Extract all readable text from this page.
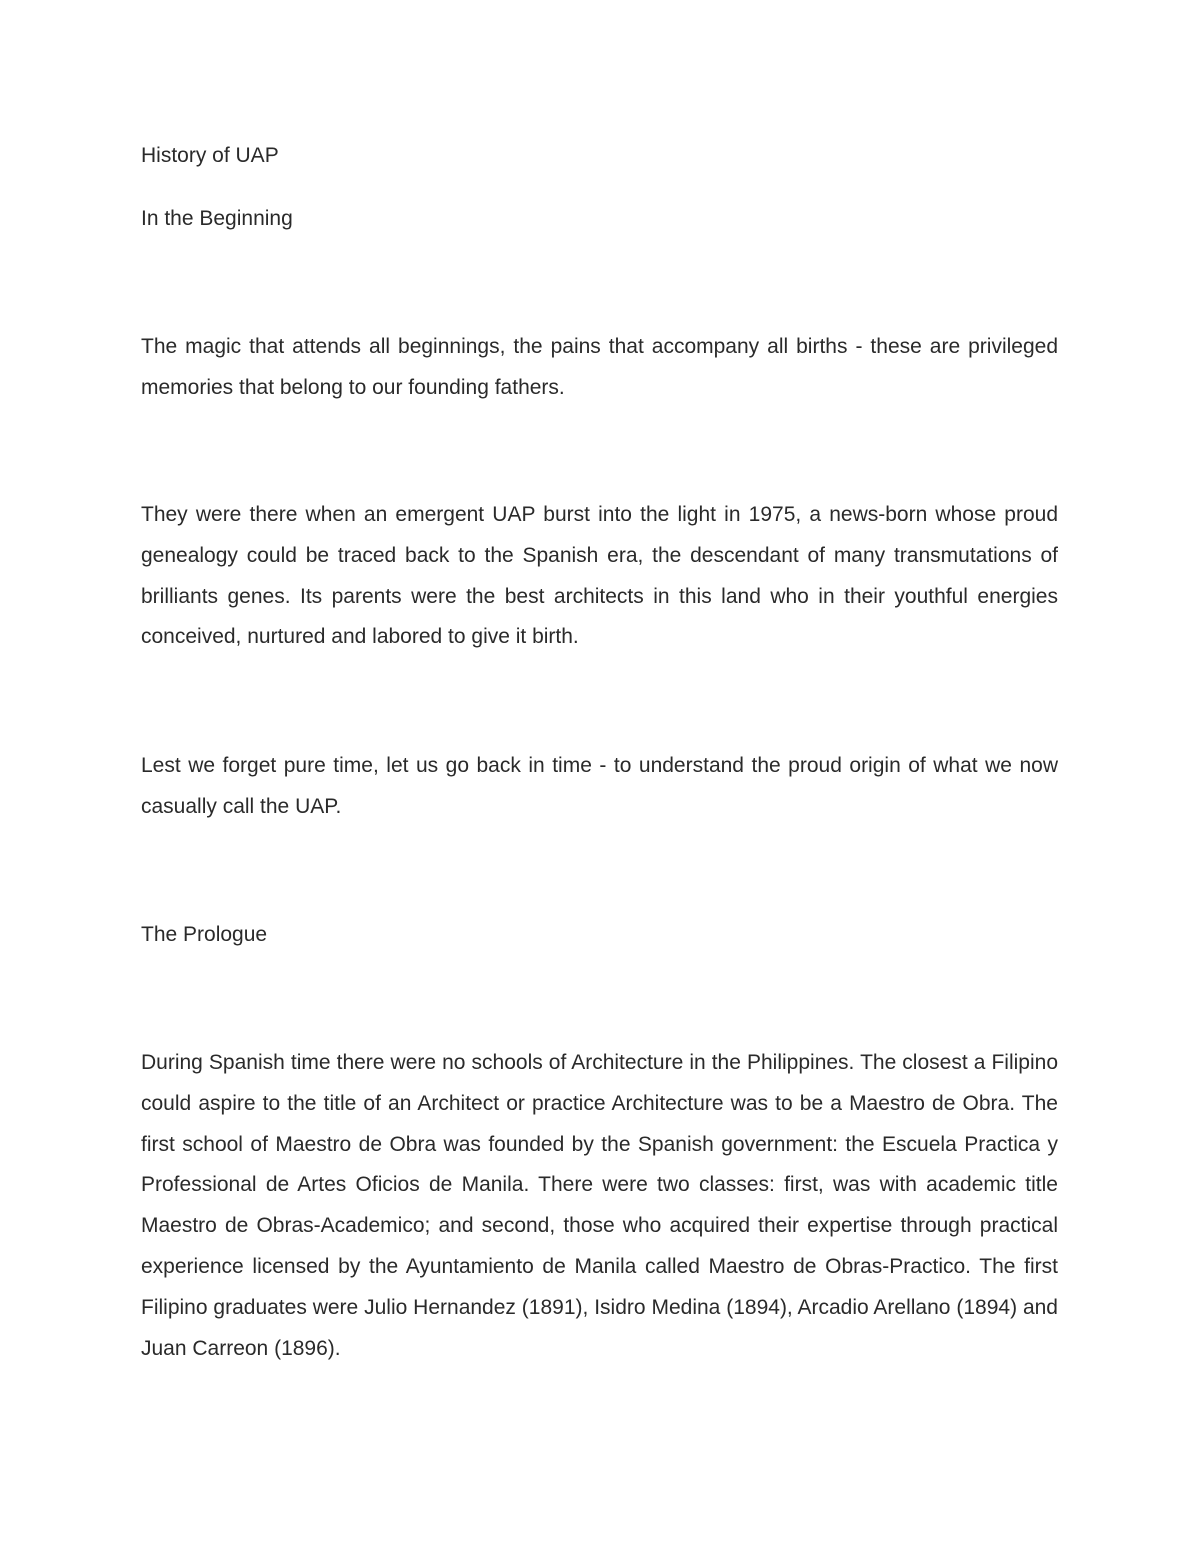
History of UAP
In the Beginning

The magic that attends all beginnings, the pains that accompany all births - these are privileged memories that belong to our founding fathers.

They were there when an emergent UAP burst into the light in 1975, a news-born whose proud genealogy could be traced back to the Spanish era, the descendant of many transmutations of brilliants genes. Its parents were the best architects in this land who in their youthful energies conceived, nurtured and labored to give it birth.

Lest we forget pure time, let us go back in time - to understand the proud origin of what we now casually call the UAP.

The Prologue

During Spanish time there were no schools of Architecture in the Philippines. The closest a Filipino could aspire to the title of an Architect or practice Architecture was to be a Maestro de Obra. The first school of Maestro de Obra was founded by the Spanish government: the Escuela Practica y Professional de Artes Oficios de Manila. There were two classes: first, was with academic title Maestro de Obras-Academico; and second, those who acquired their expertise through practical experience licensed by the Ayuntamiento de Manila called Maestro de Obras-Practico. The first Filipino graduates were Julio Hernandez (1891), Isidro Medina (1894), Arcadio Arellano (1894) and Juan Carreon (1896).
